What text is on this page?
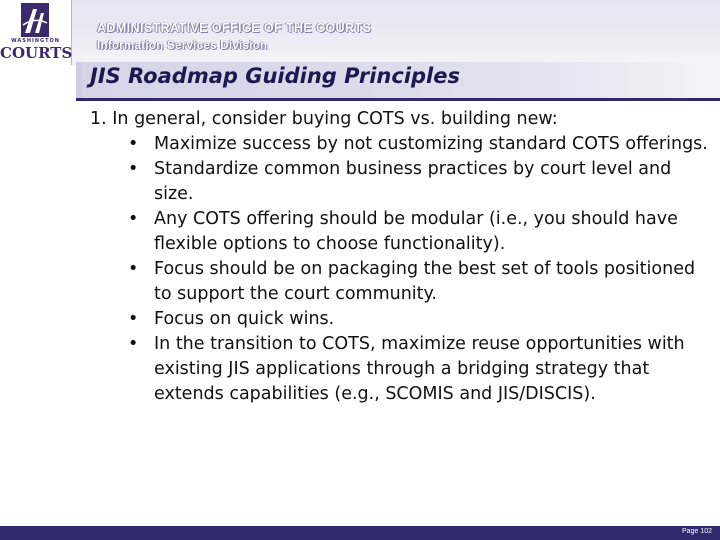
WASHINGTON
COURTS
ADMINISTRATIVE OFFICE OF THE COURTS
Information Services Division
JIS Roadmap Guiding Principles

1. In general, consider buying COTS vs. building new:

• Maximize success by not customizing standard COTS offerings.
• Standardize common business practices by court level and size.
• Any COTS offering should be modular (i.e., you should have flexible options to choose functionality).
• Focus should be on packaging the best set of tools positioned to support the court community.
• Focus on quick wins.
• In the transition to COTS, maximize reuse opportunities with existing JIS applications through a bridging strategy that extends capabilities (e.g., SCOMIS and JIS/DISCIS).
Page 102
